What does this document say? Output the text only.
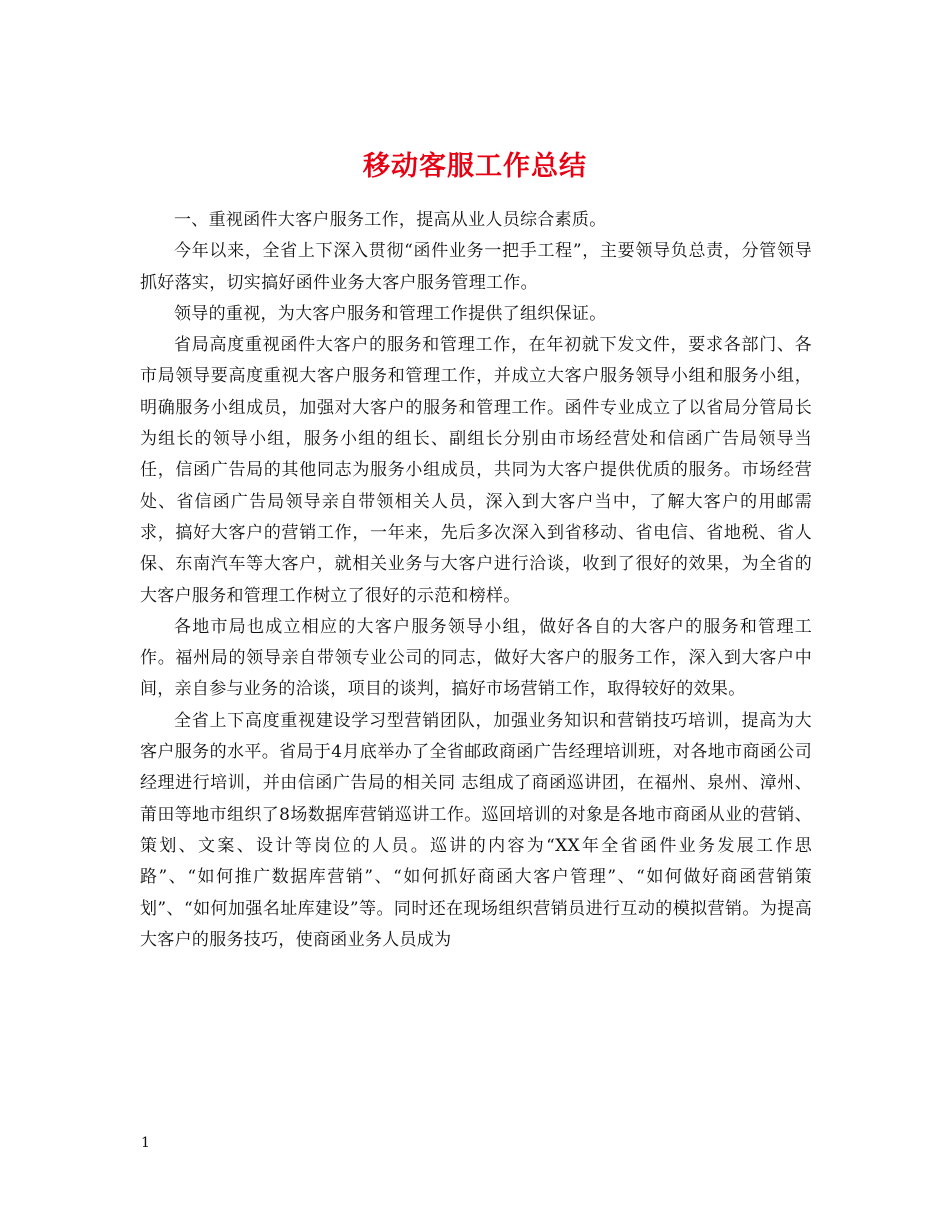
移动客服工作总结

一、重视函件大客户服务工作，提高从业人员综合素质。

今年以来，全省上下深入贯彻“函件业务一把手工程”，主要领导负总责，分管领导抓好落实，切实搞好函件业务大客户服务管理工作。

领导的重视，为大客户服务和管理工作提供了组织保证。

省局高度重视函件大客户的服务和管理工作，在年初就下发文件，要求各部门、各市局领导要高度重视大客户服务和管理工作，并成立大客户服务领导小组和服务小组，明确服务小组成员，加强对大客户的服务和管理工作。函件专业成立了以省局分管局长为组长的领导小组，服务小组的组长、副组长分别由市场经营处和信函广告局领导当任，信函广告局的其他同志为服务小组成员，共同为大客户提供优质的服务。市场经营处、省信函广告局领导亲自带领相关人员，深入到大客户当中，了解大客户的用邮需求，搞好大客户的营销工作，一年来，先后多次深入到省移动、省电信、省地税、省人保、东南汽车等大客户，就相关业务与大客户进行洽谈，收到了很好的效果，为全省的大客户服务和管理工作树立了很好的示范和榜样。

各地市局也成立相应的大客户服务领导小组，做好各自的大客户的服务和管理工作。福州局的领导亲自带领专业公司的同志，做好大客户的服务工作，深入到大客户中间，亲自参与业务的洽谈，项目的谈判，搞好市场营销工作，取得较好的效果。

全省上下高度重视建设学习型营销团队，加强业务知识和营销技巧培训，提高为大客户服务的水平。省局于4月底举办了全省邮政商函广告经理培训班，对各地市商函公司经理进行培训，并由信函广告局的相关同 志组成了商函巡讲团，在福州、泉州、漳州、莆田等地市组织了8场数据库营销巡讲工作。巡回培训的对象是各地市商函从业的营销、策划、文案、设计等岗位的人员。巡讲的内容为“XX年全省函件业务发展工作思路”、“如何推广数据库营销”、“如何抓好商函大客户管理”、“如何做好商函营销策划”、“如何加强名址库建设”等。同时还在现场组织营销员进行互动的模拟营销。为提高大客户的服务技巧，使商函业务人员成为

1
